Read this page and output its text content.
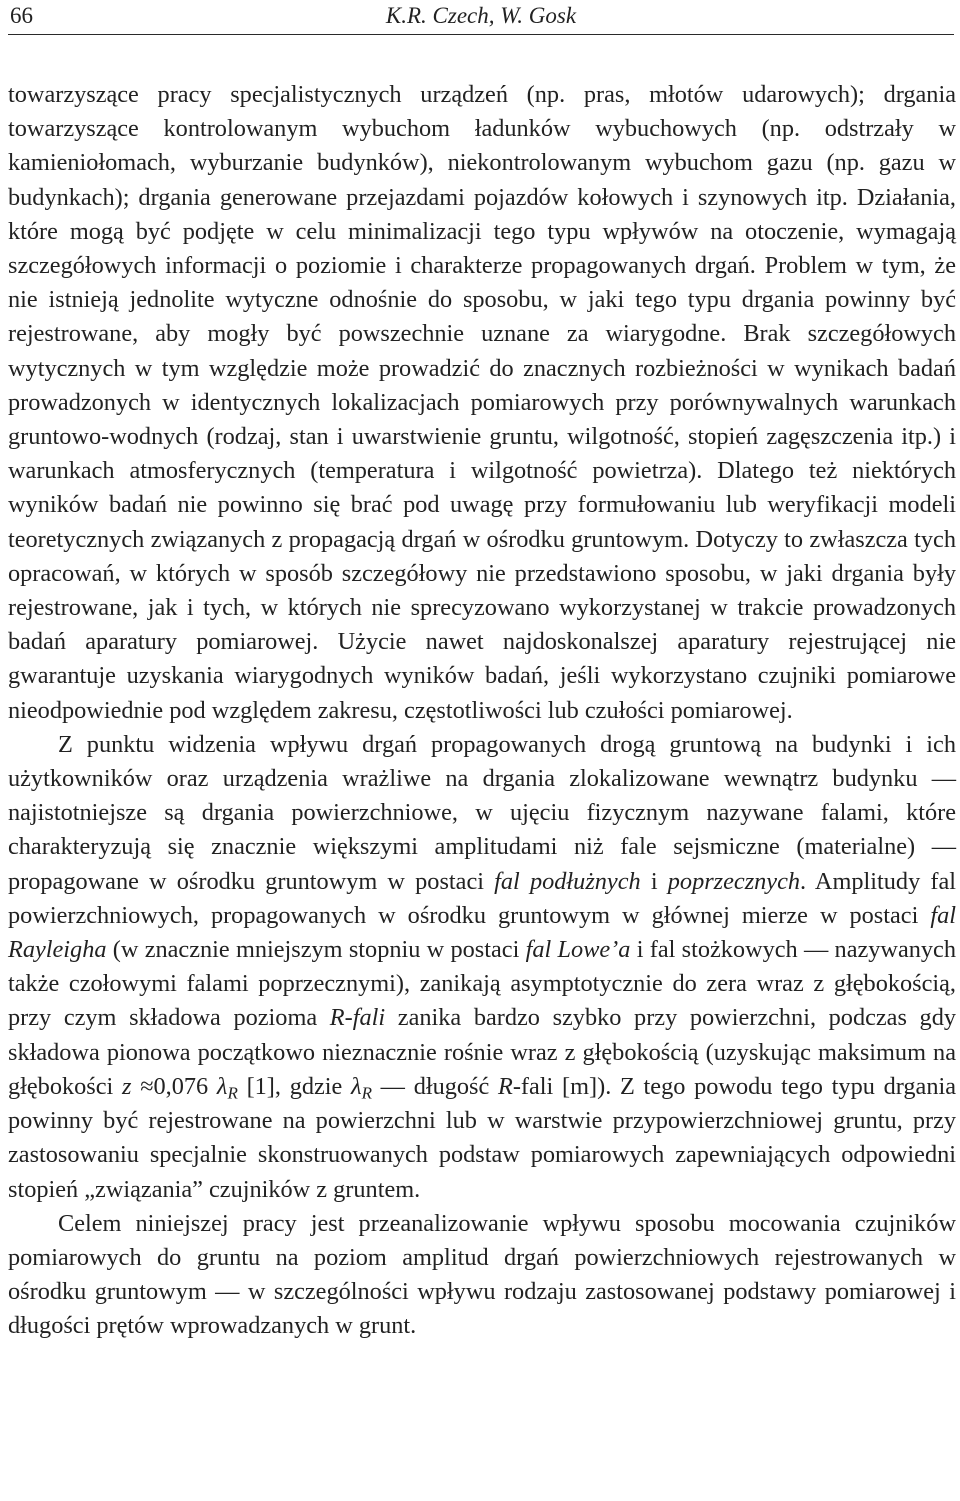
66	K.R. Czech, W. Gosk

towarzyszące pracy specjalistycznych urządzeń (np. pras, młotów udarowych); drgania towarzyszące kontrolowanym wybuchom ładunków wybuchowych (np. odstrzały w kamieniołomach, wyburzanie budynków), niekontrolowanym wybuchom gazu (np. gazu w budynkach); drgania generowane przejazdami pojazdów kołowych i szynowych itp. Działania, które mogą być podjęte w celu minimalizacji tego typu wpływów na otoczenie, wymagają szczegółowych informacji o poziomie i charakterze propagowanych drgań. Problem w tym, że nie istnieją jednolite wytyczne odnośnie do sposobu, w jaki tego typu drgania powinny być rejestrowane, aby mogły być powszechnie uznane za wiarygodne. Brak szczegółowych wytycznych w tym względzie może prowadzić do znacznych rozbieżności w wynikach badań prowadzonych w identycznych lokalizacjach pomiarowych przy porównywalnych warunkach gruntowo-wodnych (rodzaj, stan i uwarstwienie gruntu, wilgotność, stopień zagęszczenia itp.) i warunkach atmosferycznych (temperatura i wilgotność powietrza). Dlatego też niektórych wyników badań nie powinno się brać pod uwagę przy formułowaniu lub weryfikacji modeli teoretycznych związanych z propagacją drgań w ośrodku gruntowym. Dotyczy to zwłaszcza tych opracowań, w których w sposób szczegółowy nie przedstawiono sposobu, w jaki drgania były rejestrowane, jak i tych, w których nie sprecyzowano wykorzystanej w trakcie prowadzonych badań aparatury pomiarowej. Użycie nawet najdoskonalszej aparatury rejestrującej nie gwarantuje uzyskania wiarygodnych wyników badań, jeśli wykorzystano czujniki pomiarowe nieodpowiednie pod względem zakresu, częstotliwości lub czułości pomiarowej.

Z punktu widzenia wpływu drgań propagowanych drogą gruntową na budynki i ich użytkowników oraz urządzenia wrażliwe na drgania zlokalizowane wewnątrz budynku — najistotniejsze są drgania powierzchniowe, w ujęciu fizycznym nazywane falami, które charakteryzują się znacznie większymi amplitudami niż fale sejsmiczne (materialne) — propagowane w ośrodku gruntowym w postaci fal podłużnych i poprzecznych. Amplitudy fal powierzchniowych, propagowanych w ośrodku gruntowym w głównej mierze w postaci fal Rayleigha (w znacznie mniejszym stopniu w postaci fal Lowe’a i fal stożkowych — nazywanych także czołowymi falami poprzecznymi), zanikają asymptotycznie do zera wraz z głębokością, przy czym składowa pozioma R-fali zanika bardzo szybko przy powierzchni, podczas gdy składowa pionowa początkowo nieznacznie rośnie wraz z głębokością (uzyskując maksimum na głębokości z ≈0,076 $\lambda_R$ [1], gdzie $\lambda_R$ — długość R-fali [m]). Z tego powodu tego typu drgania powinny być rejestrowane na powierzchni lub w warstwie przypowierzchniowej gruntu, przy zastosowaniu specjalnie skonstruowanych podstaw pomiarowych zapewniających odpowiedni stopień „związania” czujników z gruntem.

Celem niniejszej pracy jest przeanalizowanie wpływu sposobu mocowania czujników pomiarowych do gruntu na poziom amplitud drgań powierzchniowych rejestrowanych w ośrodku gruntowym — w szczególności wpływu rodzaju zastosowanej podstawy pomiarowej i długości prętów wprowadzanych w grunt.
